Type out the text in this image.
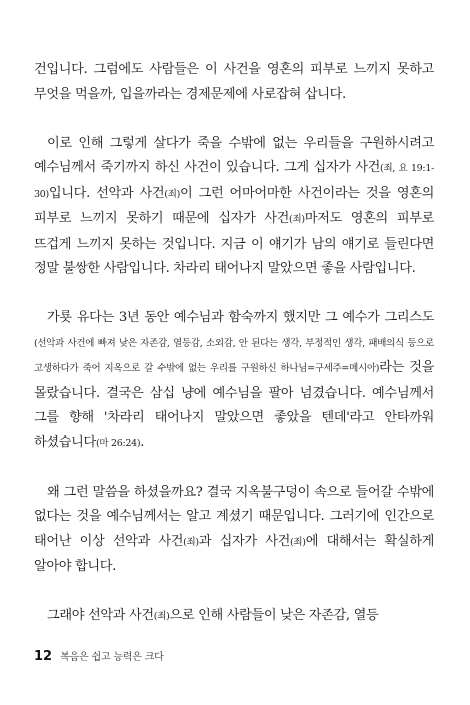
건입니다. 그럼에도 사람들은 이 사건을 영혼의 피부로 느끼지 못하고 무엇을 먹을까, 입을까라는 경제문제에 사로잡혀 삽니다.

이로 인해 그렇게 살다가 죽을 수밖에 없는 우리들을 구원하시려고 예수님께서 죽기까지 하신 사건이 있습니다. 그게 십자가 사건(죄, 요 19:1-30)입니다. 선악과 사건(죄)이 그런 어마어마한 사건이라는 것을 영혼의 피부로 느끼지 못하기 때문에 십자가 사건(죄)마저도 영혼의 피부로 뜨겁게 느끼지 못하는 것입니다. 지금 이 얘기가 남의 얘기로 들린다면 정말 불쌍한 사람입니다. 차라리 태어나지 말았으면 좋을 사람입니다.

가룟 유다는 3년 동안 예수님과 함숙까지 했지만 그 예수가 그리스도(선악과 사건에 빠져 낮은 자존감, 열등감, 소외감, 안 된다는 생각, 부정적인 생각, 패배의식 등으로 고생하다가 죽어 지옥으로 갈 수밖에 없는 우리를 구원하신 하나님=구세주=메시아)라는 것을 몰랐습니다. 결국은 삼십 냥에 예수님을 팔아 넘겼습니다. 예수님께서 그를 향해 '차라리 태어나지 말았으면 좋았을 텐데'라고 안타까워 하셨습니다(마 26:24).

왜 그런 말씀을 하셨을까요? 결국 지옥불구덩이 속으로 들어갈 수밖에 없다는 것을 예수님께서는 알고 계셨기 때문입니다. 그러기에 인간으로 태어난 이상 선악과 사건(죄)과 십자가 사건(죄)에 대해서는 확실하게 알아야 합니다.

그래야 선악과 사건(죄)으로 인해 사람들이 낮은 자존감, 열등

12 복음은 쉽고 능력은 크다
